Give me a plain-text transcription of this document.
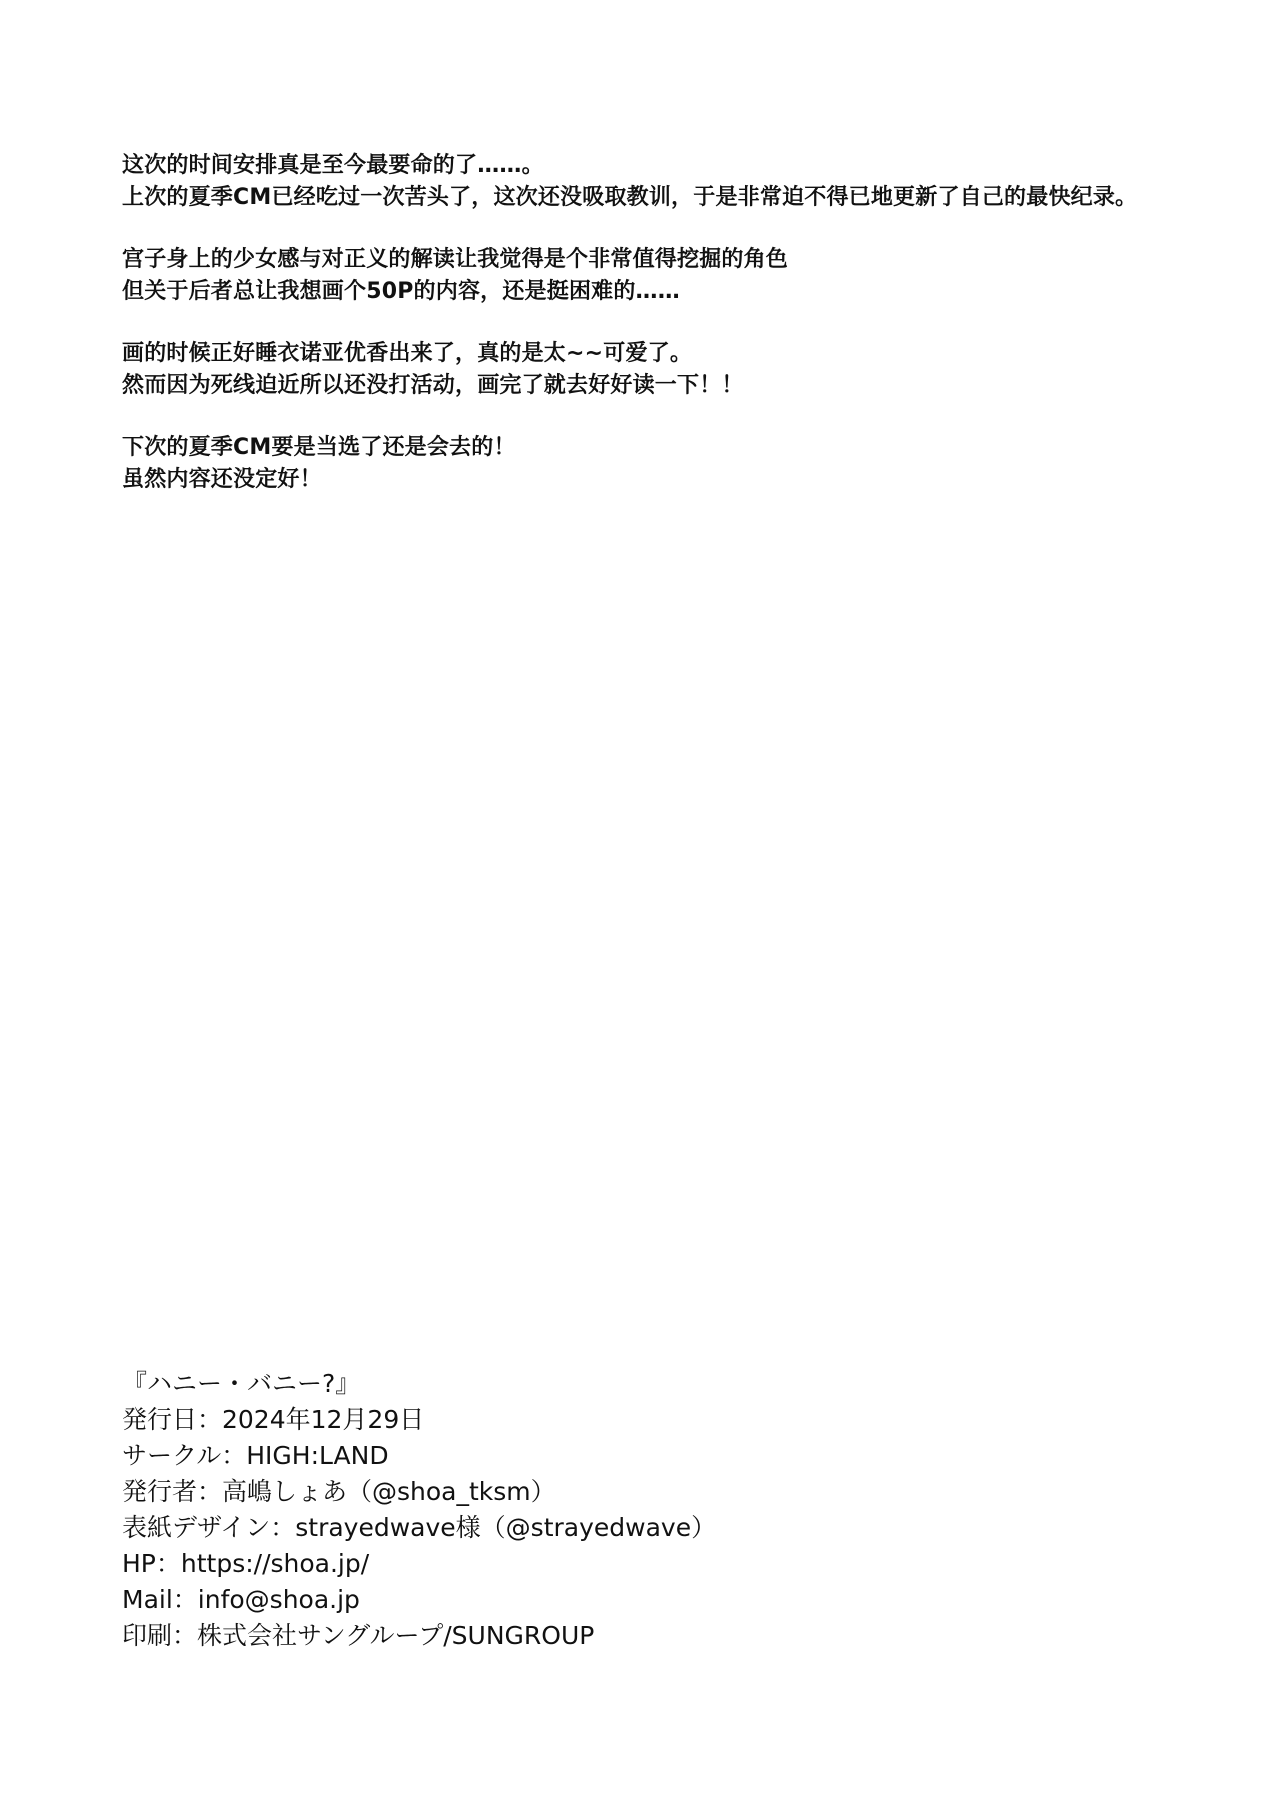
这次的时间安排真是至今最要命的了……。
上次的夏季CM已经吃过一次苦头了，这次还没吸取教训，于是非常迫不得已地更新了自己的最快纪录。
宫子身上的少女感与对正义的解读让我觉得是个非常值得挖掘的角色
但关于后者总让我想画个50P的内容，还是挺困难的……
画的时候正好睡衣诺亚优香出来了，真的是太~~可爱了。
然而因为死线迫近所以还没打活动，画完了就去好好读一下！！
下次的夏季CM要是当选了还是会去的！
虽然内容还没定好！
『ハニー・バニー?』
発行日：2024年12月29日
サークル：HIGH:LAND
発行者：高嶋しょあ（@shoa_tksm）
表紙デザイン：strayedwave様（@strayedwave）
HP：https://shoa.jp/
Mail：info@shoa.jp
印刷：株式会社サングループ/SUNGROUP
